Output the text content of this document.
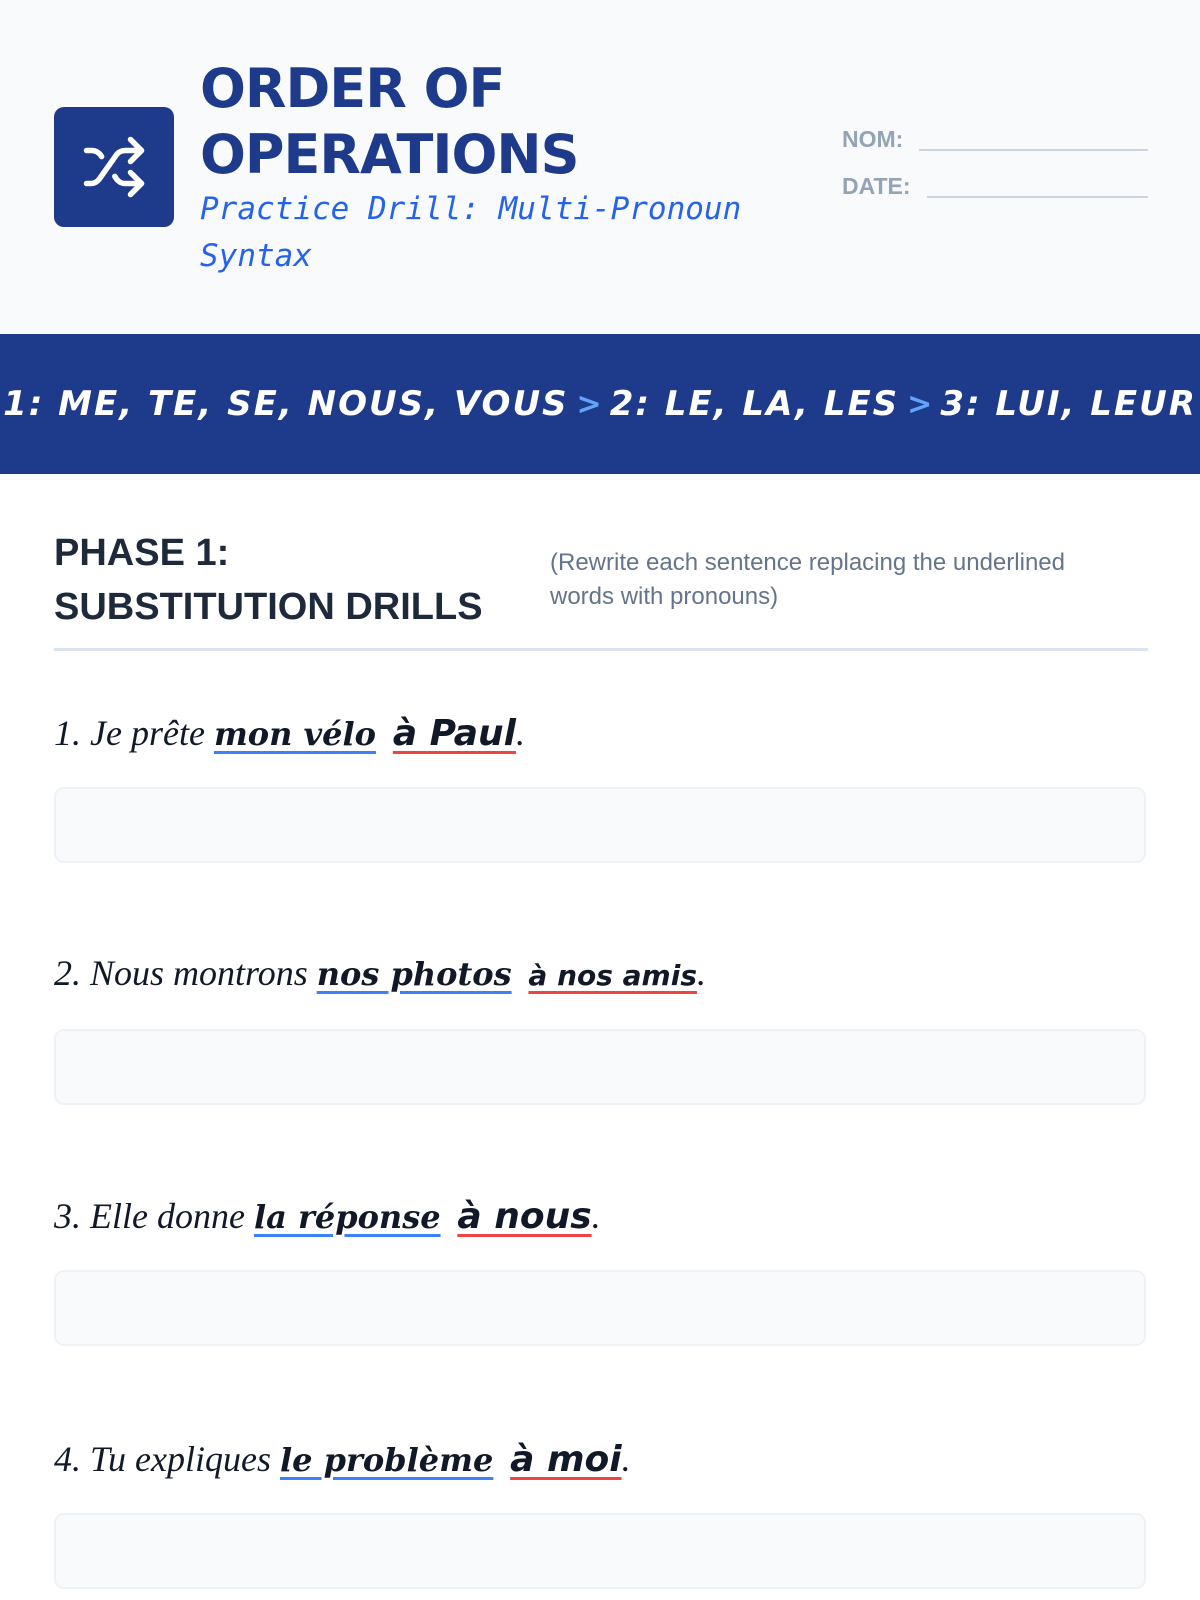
ORDER OF
OPERATIONS

Practice Drill: Multi-Pronoun Syntax

NOM:
DATE:
1: ME, TE, SE, NOUS, VOUS > 2: LE, LA, LES > 3: LUI, LEUR
PHASE 1:
SUBSTITUTION DRILLS

(Rewrite each sentence replacing the underlined words with pronouns)

1. Je prête mon vélo à Paul.

2. Nous montrons nos photos à nos amis.

3. Elle donne la réponse à nous.

4. Tu expliques le problème à moi.
